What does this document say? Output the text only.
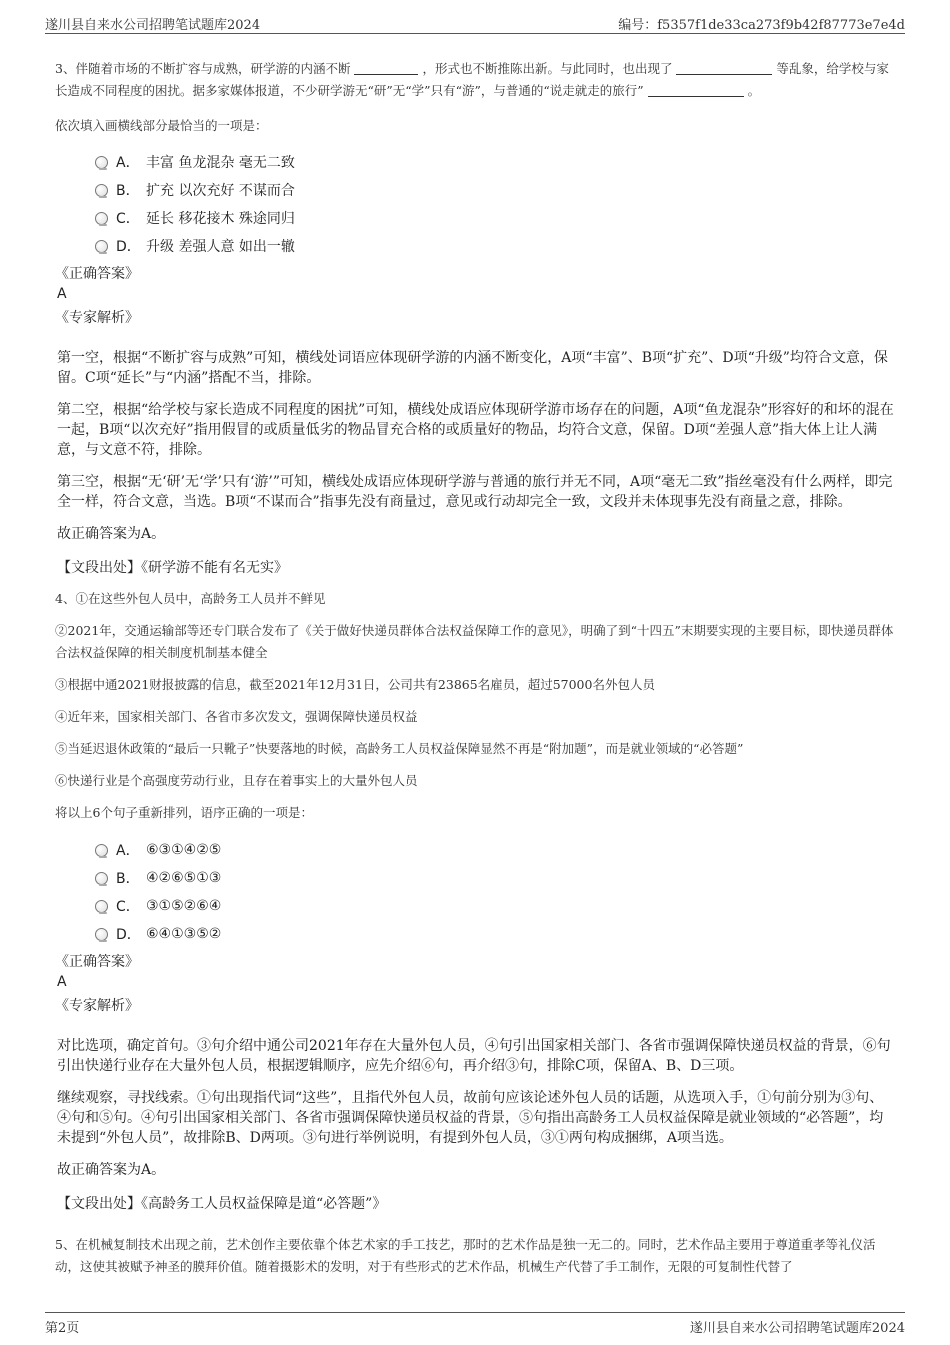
遂川县自来水公司招聘笔试题库2024	编号：f5357f1de33ca273f9b42f87773e7e4d
3、伴随着市场的不断扩容与成熟，研学游的内涵不断	，形式也不断推陈出新。与此同时，也出现了	等乱象，给学校与家长造成不同程度的困扰。据多家媒体报道，不少研学游无“研”无“学”只有“游”，与普通的“说走就走的旅行”	。
依次填入画横线部分最恰当的一项是：
A． 丰富 鱼龙混杂 毫无二致
B． 扩充 以次充好 不谋而合
C． 延长 移花接木 殊途同归
D． 升级 差强人意 如出一辙
《正确答案》
A
《专家解析》
第一空，根据“不断扩容与成熟”可知，横线处词语应体现研学游的内涵不断变化，A项“丰富”、B项“扩充”、D项“升级”均符合文意，保留。C项“延长”与“内涵”搭配不当，排除。
第二空，根据“给学校与家长造成不同程度的困扰”可知，横线处成语应体现研学游市场存在的问题，A项“鱼龙混杂”形容好的和坏的混在一起，B项“以次充好”指用假冒的或质量低劣的物品冒充合格的或质量好的物品，均符合文意，保留。D项“差强人意”指大体上让人满意，与文意不符，排除。
第三空，根据“无‘研’无‘学’只有‘游’”可知，横线处成语应体现研学游与普通的旅行并无不同，A项“毫无二致”指丝毫没有什么两样，即完全一样，符合文意，当选。B项“不谋而合”指事先没有商量过，意见或行动却完全一致，文段并未体现事先没有商量之意，排除。
故正确答案为A。
【文段出处】《研学游不能有名无实》
4、①在这些外包人员中，高龄务工人员并不鲜见
②2021年，交通运输部等还专门联合发布了《关于做好快递员群体合法权益保障工作的意见》，明确了到“十四五”末期要实现的主要目标，即快递员群体合法权益保障的相关制度机制基本健全
③根据中通2021财报披露的信息，截至2021年12月31日，公司共有23865名雇员，超过57000名外包人员
④近年来，国家相关部门、各省市多次发文，强调保障快递员权益
⑤当延迟退休政策的“最后一只靴子”快要落地的时候，高龄务工人员权益保障显然不再是“附加题”，而是就业领域的“必答题”
⑥快递行业是个高强度劳动行业，且存在着事实上的大量外包人员
将以上6个句子重新排列，语序正确的一项是：
A． ⑥③①④②⑤
B． ④②⑥⑤①③
C． ③①⑤②⑥④
D． ⑥④①③⑤②
《正确答案》
A
《专家解析》
对比选项，确定首句。③句介绍中通公司2021年存在大量外包人员，④句引出国家相关部门、各省市强调保障快递员权益的背景，⑥句引出快递行业存在大量外包人员，根据逻辑顺序，应先介绍⑥句，再介绍③句，排除C项，保留A、B、D三项。
继续观察，寻找线索。①句出现指代词“这些”，且指代外包人员，故前句应该论述外包人员的话题，从选项入手，①句前分别为③句、④句和⑤句。④句引出国家相关部门、各省市强调保障快递员权益的背景，⑤句指出高龄务工人员权益保障是就业领域的“必答题”，均未提到“外包人员”，故排除B、D两项。③句进行举例说明，有提到外包人员，③①两句构成捆绑，A项当选。
故正确答案为A。
【文段出处】《高龄务工人员权益保障是道“必答题”》
5、在机械复制技术出现之前，艺术创作主要依靠个体艺术家的手工技艺，那时的艺术作品是独一无二的。同时，艺术作品主要用于尊道重孝等礼仪活动，这使其被赋予神圣的膜拜价值。随着摄影术的发明，对于有些形式的艺术作品，机械生产代替了手工制作，无限的可复制性代替了
第2页	遂川县自来水公司招聘笔试题库2024
